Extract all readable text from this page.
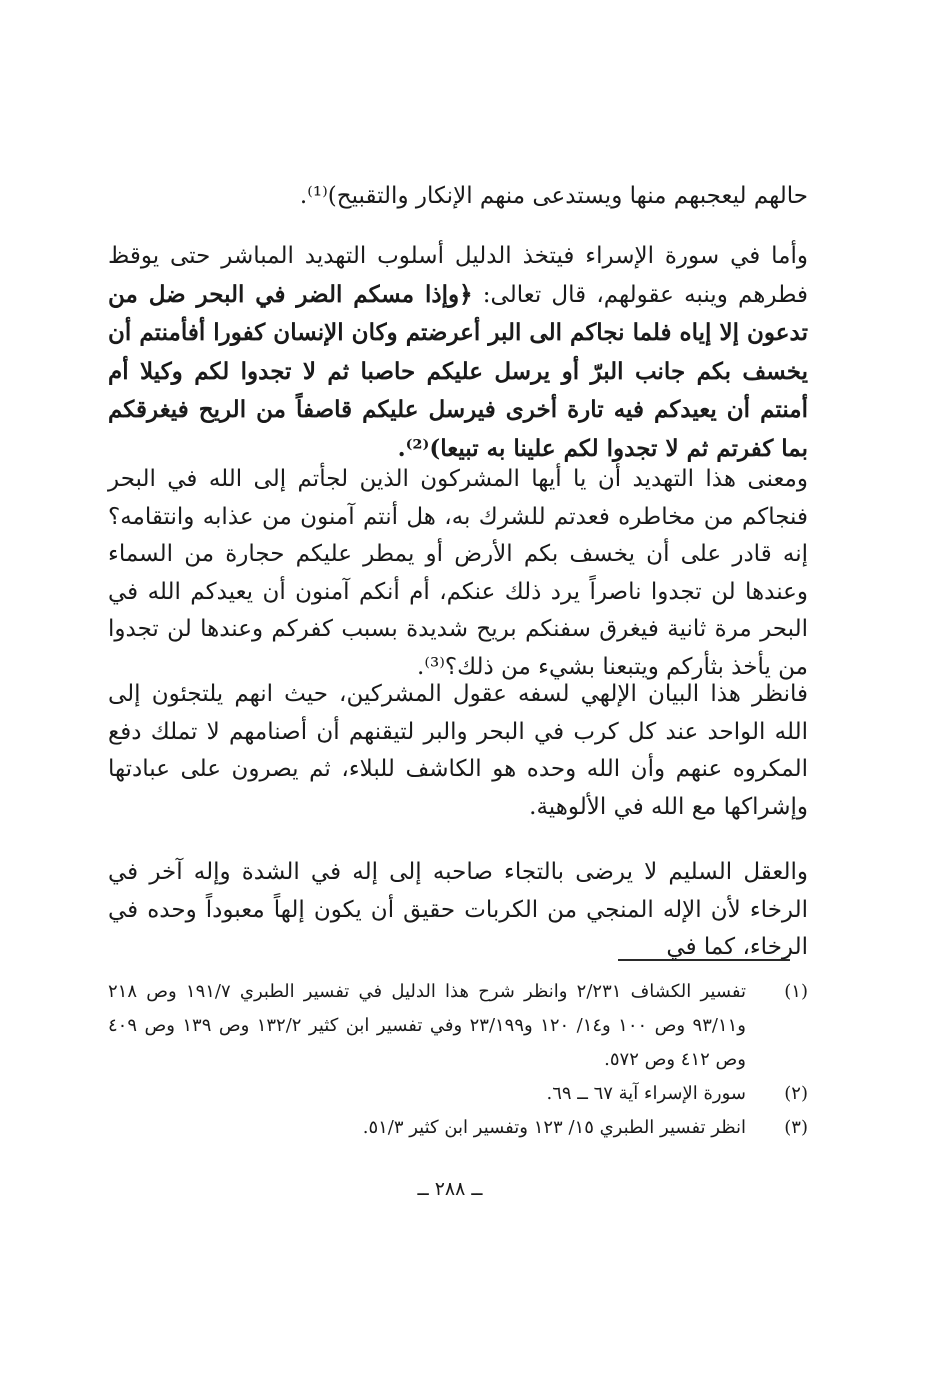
حالهم ليعجبهم منها ويستدعى منهم الإنكار والتقبيح)⁽¹⁾.

وأما في سورة الإسراء فيتخذ الدليل أسلوب التهديد المباشر حتى يوقظ فطرهم وينبه عقولهم، قال تعالى: ﴿وإذا مسكم الضر في البحر ضل من تدعون إلا إياه فلما نجاكم الى البر أعرضتم وكان الإنسان كفورا أفأمنتم أن يخسف بكم جانب البرّ أو يرسل عليكم حاصبا ثم لا تجدوا لكم وكيلا أم أمنتم أن يعيدكم فيه تارة أخرى فيرسل عليكم قاصفاً من الريح فيغرقكم بما كفرتم ثم لا تجدوا لكم علينا به تبيعا)⁽²⁾.

ومعنى هذا التهديد أن يا أيها المشركون الذين لجأتم إلى الله في البحر فنجاكم من مخاطره فعدتم للشرك به، هل أنتم آمنون من عذابه وانتقامه؟ إنه قادر على أن يخسف بكم الأرض أو يمطر عليكم حجارة من السماء وعندها لن تجدوا ناصراً يرد ذلك عنكم، أم أنكم آمنون أن يعيدكم الله في البحر مرة ثانية فيغرق سفنكم بريح شديدة بسبب كفركم وعندها لن تجدوا من يأخذ بثأركم ويتبعنا بشيء من ذلك؟⁽³⁾.

فانظر هذا البيان الإلهي لسفه عقول المشركين، حيث انهم يلتجئون إلى الله الواحد عند كل كرب في البحر والبر لتيقنهم أن أصنامهم لا تملك دفع المكروه عنهم وأن الله وحده هو الكاشف للبلاء، ثم يصرون على عبادتها وإشراكها مع الله في الألوهية.

والعقل السليم لا يرضى بالتجاء صاحبه إلى إله في الشدة وإله آخر في الرخاء لأن الإله المنجي من الكربات حقيق أن يكون إلهاً معبوداً وحده في الرخاء، كما في

(١)
تفسير الكشاف ٢/٢٣١ وانظر شرح هذا الدليل في تفسير الطبري ١٩١/٧ وص ٢١٨ و٩٣/١١ وص ١٠٠ و١٤/ ١٢٠ و٢٣/١٩٩ وفي تفسير ابن كثير ١٣٢/٢ وص ١٣٩ وص ٤٠٩ وص ٤١٢ وص ٥٧٢.
(٢)
سورة الإسراء آية ٦٧ ــ ٦٩.
(٣)
انظر تفسير الطبري ١٥/ ١٢٣ وتفسير ابن كثير ٥١/٣.
ــ ٢٨٨ ــ
